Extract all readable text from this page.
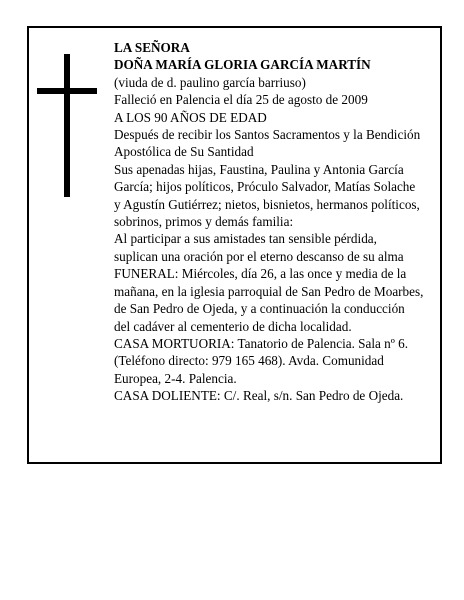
LA SEÑORA

DOÑA MARÍA GLORIA GARCÍA MARTÍN

(viuda de d. paulino garcía barriuso)

Falleció en Palencia el día 25 de agosto de 2009

A LOS 90 AÑOS DE EDAD

Después de recibir los Santos Sacramentos y la Bendición Apostólica de Su Santidad

Sus apenadas hijas, Faustina, Paulina y Antonia García García; hijos políticos, Próculo Salvador, Matías Solache y Agustín Gutiérrez; nietos, bisnietos, hermanos políticos, sobrinos, primos y demás familia:

Al participar a sus amistades tan sensible pérdida, suplican una oración por el eterno descanso de su alma

FUNERAL: Miércoles, día 26, a las once y media de la mañana, en la iglesia parroquial de San Pedro de Moarbes, de San Pedro de Ojeda, y a continuación la conducción del cadáver al cementerio de dicha localidad.

CASA MORTUORIA: Tanatorio de Palencia. Sala nº 6. (Teléfono directo: 979 165 468). Avda. Comunidad Europea, 2-4. Palencia.

CASA DOLIENTE: C/. Real, s/n. San Pedro de Ojeda.
